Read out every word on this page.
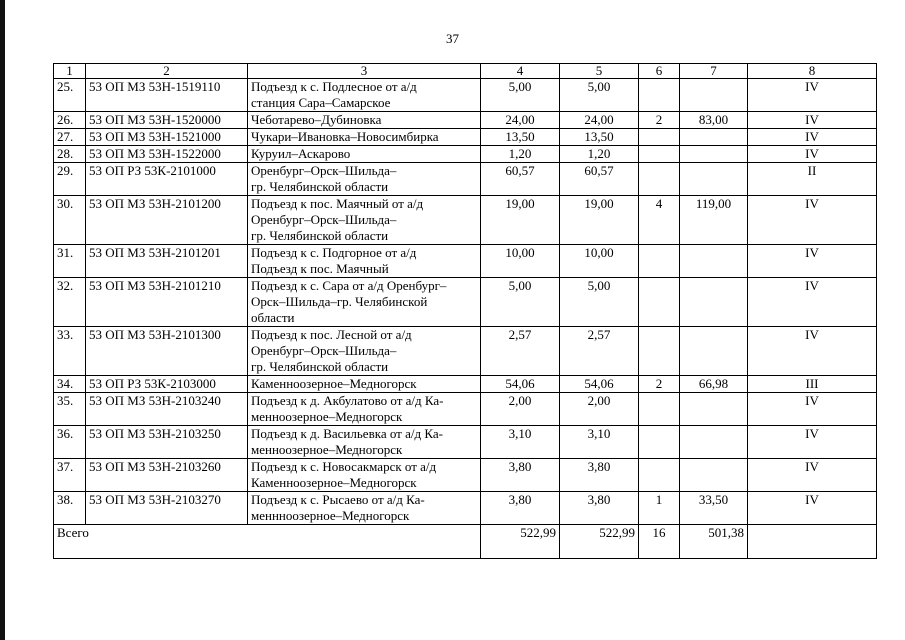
37
1	2	3	4	5	6	7	8
25.	53 ОП МЗ 53Н-1519110	Подъезд к с. Подлесное от а/д
станция Сара–Самарское	5,00	5,00			IV
26.	53 ОП МЗ 53Н-1520000	Чеботарево–Дубиновка	24,00	24,00	2	83,00	IV
27.	53 ОП МЗ 53Н-1521000	Чукари–Ивановка–Новосимбирка	13,50	13,50			IV
28.	53 ОП МЗ 53Н-1522000	Куруил–Аскарово	1,20	1,20			IV
29.	53 ОП РЗ 53К-2101000	Оренбург–Орск–Шильда–
гр. Челябинской области	60,57	60,57			II
30.	53 ОП МЗ 53Н-2101200	Подъезд к пос. Маячный от а/д
Оренбург–Орск–Шильда–
гр. Челябинской области	19,00	19,00	4	119,00	IV
31.	53 ОП МЗ 53Н-2101201	Подъезд к с. Подгорное от а/д
Подъезд к пос. Маячный	10,00	10,00			IV
32.	53 ОП МЗ 53Н-2101210	Подъезд к с. Сара от а/д Оренбург–
Орск–Шильда–гр. Челябинской
области	5,00	5,00			IV
33.	53 ОП МЗ 53Н-2101300	Подъезд к пос. Лесной от а/д
Оренбург–Орск–Шильда–
гр. Челябинской области	2,57	2,57			IV
34.	53 ОП РЗ 53К-2103000	Каменноозерное–Медногорск	54,06	54,06	2	66,98	III
35.	53 ОП МЗ 53Н-2103240	Подъезд к д. Акбулатово от а/д Ка-
менноозерное–Медногорск	2,00	2,00			IV
36.	53 ОП МЗ 53Н-2103250	Подъезд к д. Васильевка от а/д Ка-
менноозерное–Медногорск	3,10	3,10			IV
37.	53 ОП МЗ 53Н-2103260	Подъезд к с. Новосакмарск от а/д
Каменноозерное–Медногорск	3,80	3,80			IV
38.	53 ОП МЗ 53Н-2103270	Подъезд к с. Рысаево от а/д Ка-
меннноозерное–Медногорск	3,80	3,80	1	33,50	IV
Всего			522,99	522,99	16	501,38	
